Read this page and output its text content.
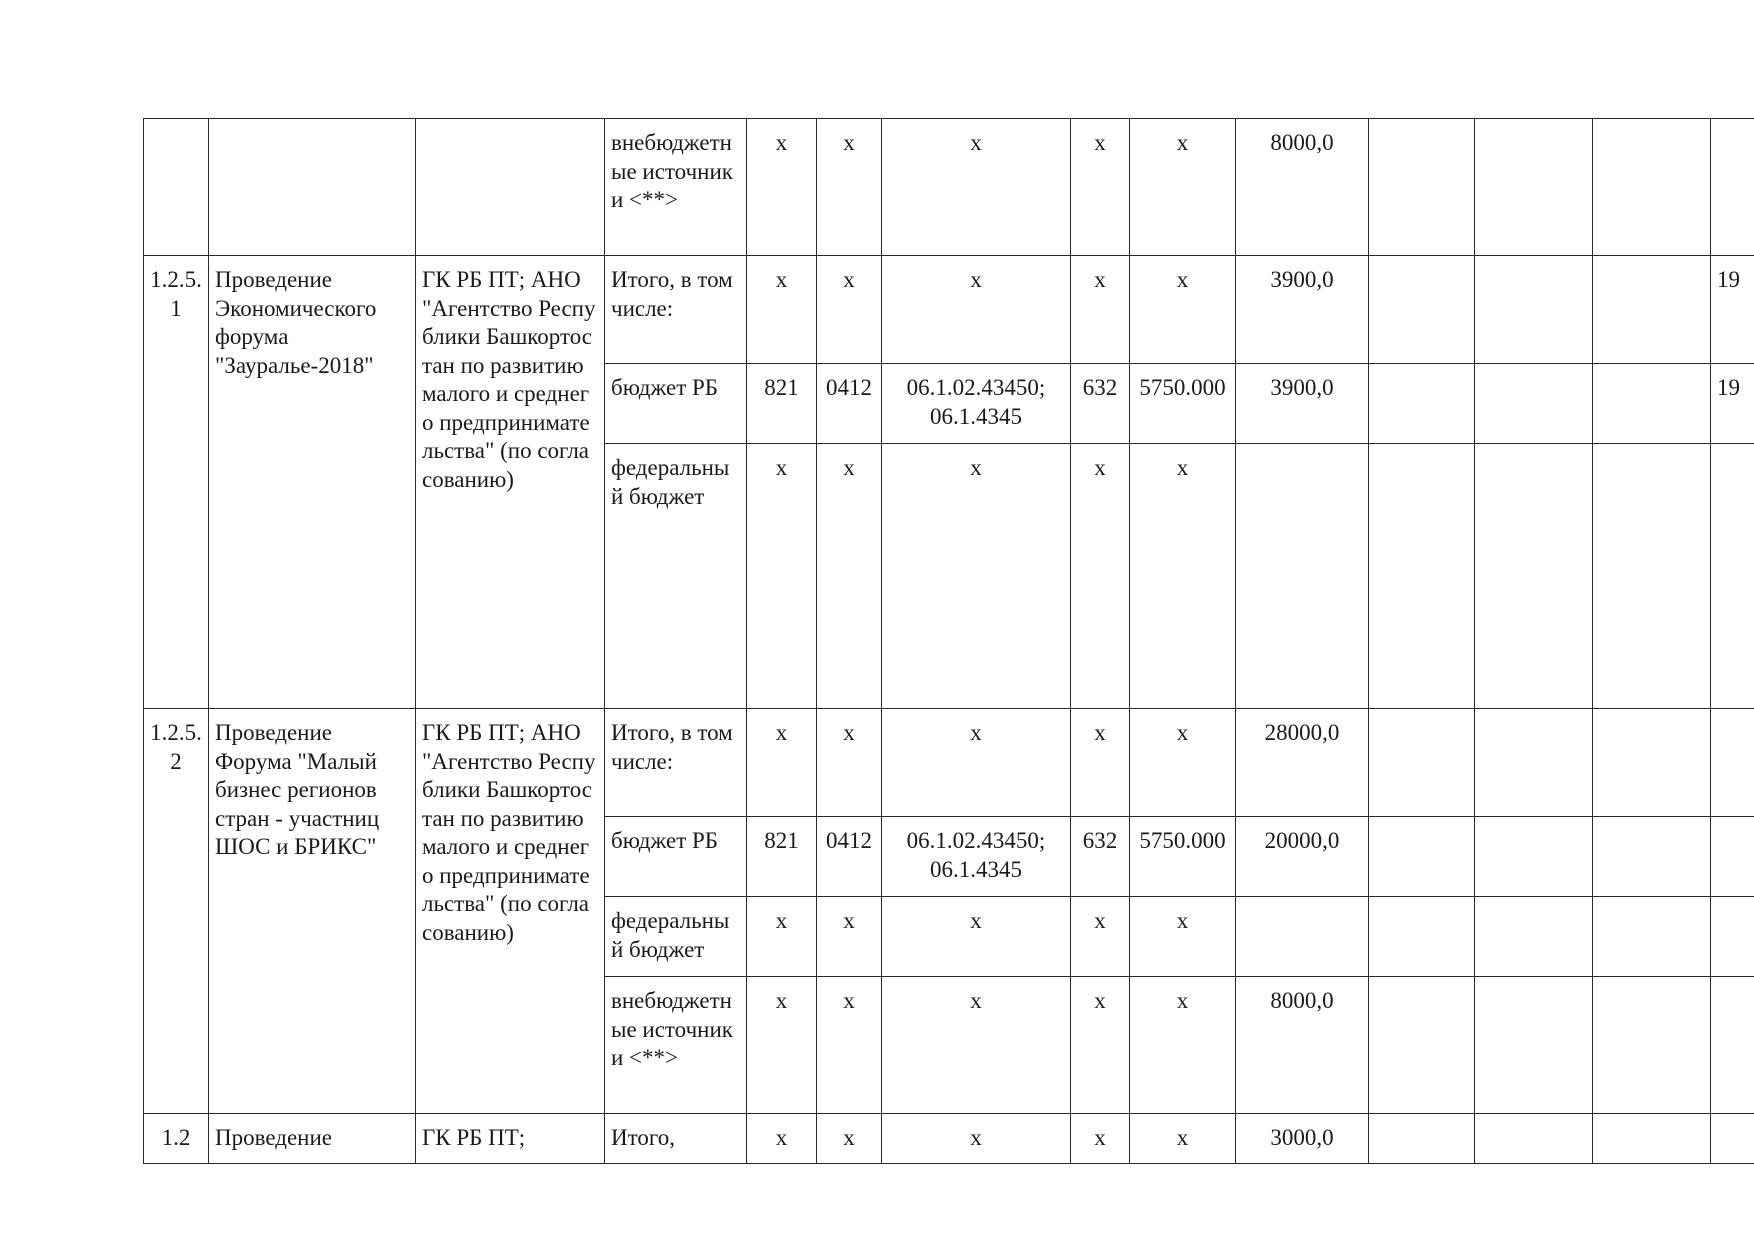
			внебюджетные источники <**>	х	х	х	х	х	8000,0				
1.2.5.1	Проведение Экономического форума "Зауралье-2018"	ГК РБ ПТ; АНО "Агентство Республики Башкортостан по развитию малого и среднего предпринимательства" (по согласованию)	Итого, в том числе:	х	х	х	х	х	3900,0				19
			бюджет РБ	821	0412	06.1.02.43450; 06.1.4345	632	5750.000	3900,0				19
			федеральный бюджет	х	х	х	х	х					
1.2.5.2	Проведение Форума "Малый бизнес регионов стран - участниц ШОС и БРИКС"	ГК РБ ПТ; АНО "Агентство Республики Башкортостан по развитию малого и среднего предпринимательства" (по согласованию)	Итого, в том числе:	х	х	х	х	х	28000,0				
			бюджет РБ	821	0412	06.1.02.43450; 06.1.4345	632	5750.000	20000,0				
			федеральный бюджет	х	х	х	х	х					
			внебюджетные источники <**>	х	х	х	х	х	8000,0				
1.2	Проведение	ГК РБ ПТ;	Итого,	х	х	х	х	х	3000,0				
